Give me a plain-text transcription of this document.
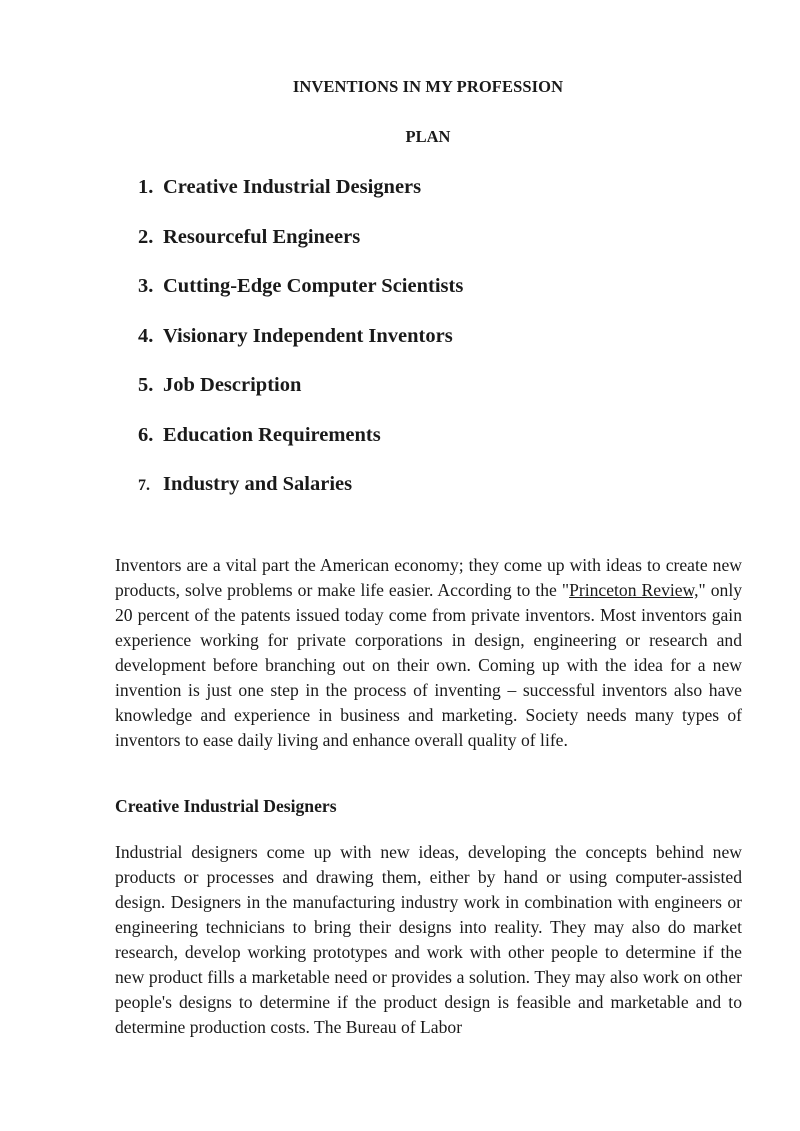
INVENTIONS IN MY PROFESSION
PLAN
1. Creative Industrial Designers
2. Resourceful Engineers
3. Cutting-Edge Computer Scientists
4. Visionary Independent Inventors
5. Job Description
6. Education Requirements
7. Industry and Salaries

Inventors are a vital part the American economy; they come up with ideas to create new products, solve problems or make life easier. According to the "Princeton Review," only 20 percent of the patents issued today come from private inventors. Most inventors gain experience working for private corporations in design, engineering or research and development before branching out on their own. Coming up with the idea for a new invention is just one step in the process of inventing – successful inventors also have knowledge and experience in business and marketing. Society needs many types of inventors to ease daily living and enhance overall quality of life.

Creative Industrial Designers

Industrial designers come up with new ideas, developing the concepts behind new products or processes and drawing them, either by hand or using computer-assisted design. Designers in the manufacturing industry work in combination with engineers or engineering technicians to bring their designs into reality. They may also do market research, develop working prototypes and work with other people to determine if the new product fills a marketable need or provides a solution. They may also work on other people's designs to determine if the product design is feasible and marketable and to determine production costs. The Bureau of Labor
